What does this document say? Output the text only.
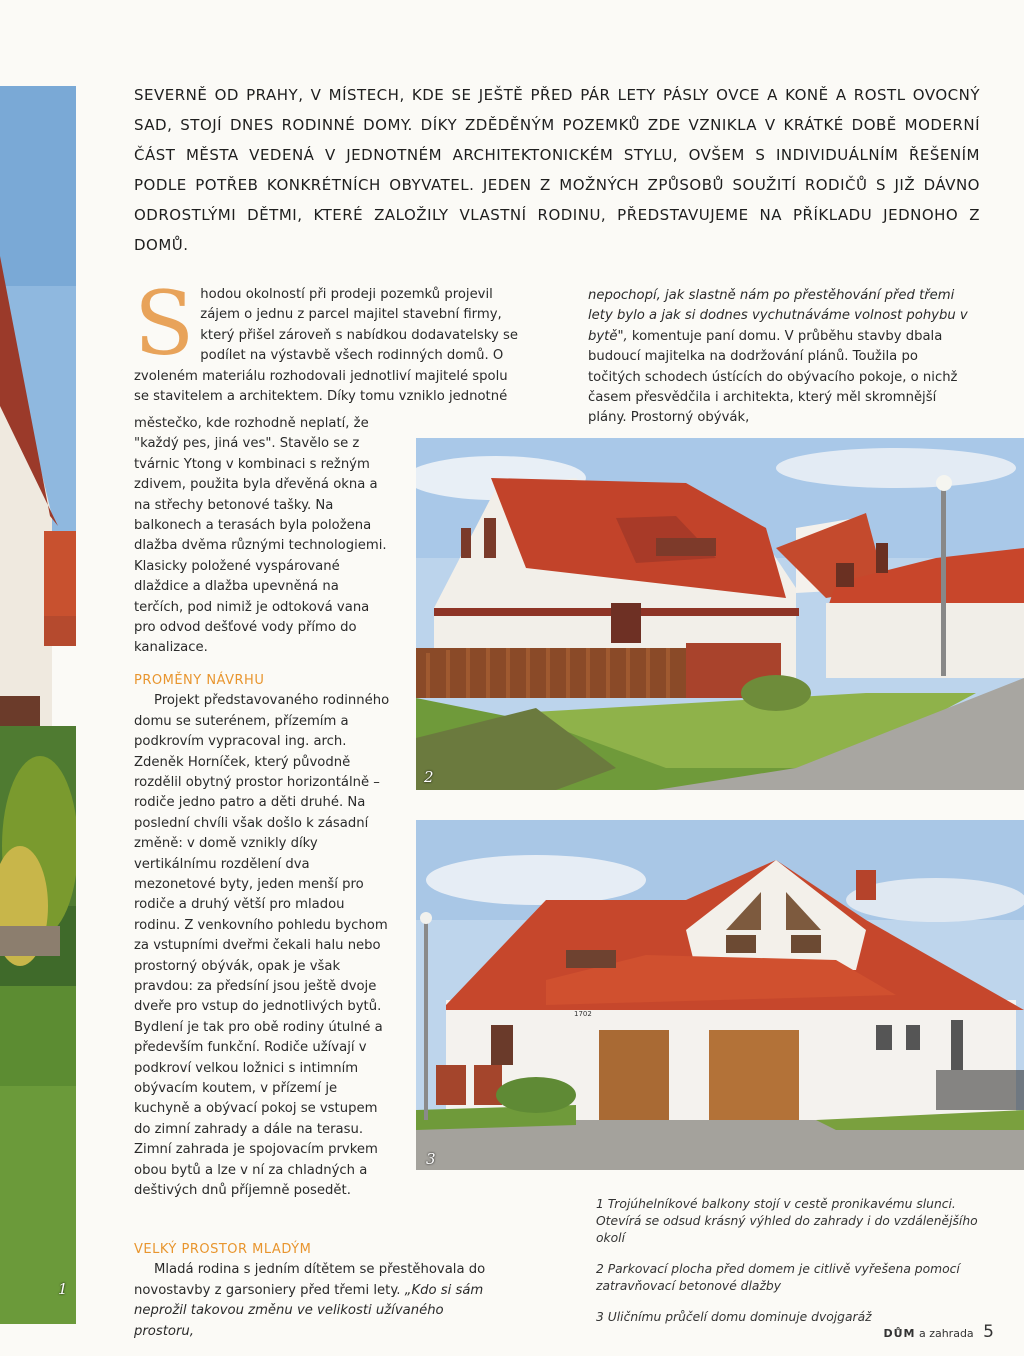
1
SEVERNĚ OD PRAHY, V MÍSTECH, KDE SE JEŠTĚ PŘED PÁR LETY PÁSLY OVCE A KONĚ A ROSTL OVOCNÝ SAD, STOJÍ DNES RODINNÉ DOMY. DÍKY ZDĚDĚNÝM POZEMKŮ ZDE VZNIKLA V KRÁTKÉ DOBĚ MODERNÍ ČÁST MĚSTA VEDENÁ V JEDNOTNÉM ARCHITEKTONICKÉM STYLU, OVŠEM S INDIVIDUÁLNÍM ŘEŠENÍM PODLE POTŘEB KONKRÉTNÍCH OBYVATEL. JEDEN Z MOŽNÝCH ZPŮSOBŮ SOUŽITÍ RODIČŮ S JIŽ DÁVNO ODROSTLÝMI DĚTMI, KTERÉ ZALOŽILY VLASTNÍ RODINU, PŘEDSTAVUJEME NA PŘÍKLADU JEDNOHO Z DOMŮ.

Shodou okolností při prodeji pozemků projevil zájem o jednu z parcel majitel stavební firmy, který přišel zároveň s nabídkou dodavatelsky se podílet na výstavbě všech rodinných domů. O zvoleném materiálu rozhodovali jednotliví majitelé spolu se stavitelem a architektem. Díky tomu vzniklo jednotné

městečko, kde rozhodně neplatí, že "každý pes, jiná ves". Stavělo se z tvárnic Ytong v kombinaci s režným zdivem, použita byla dřevěná okna a na střechy betonové tašky. Na balkonech a terasách byla položena dlažba dvěma různými technologiemi. Klasicky položené vyspárované dlaždice a dlažba upevněná na terčích, pod nimiž je odtoková vana pro odvod dešťové vody přímo do kanalizace.

PROMĚNY NÁVRHU

Projekt představovaného rodinného domu se suterénem, přízemím a podkrovím vypracoval ing. arch. Zdeněk Horníček, který původně rozdělil obytný prostor horizontálně – rodiče jedno patro a děti druhé. Na poslední chvíli však došlo k zásadní změně: v domě vznikly díky vertikálnímu rozdělení dva mezonetové byty, jeden menší pro rodiče a druhý větší pro mladou rodinu. Z venkovního pohledu bychom za vstupními dveřmi čekali halu nebo prostorný obývák, opak je však pravdou: za předsíní jsou ještě dvoje dveře pro vstup do jednotlivých bytů. Bydlení je tak pro obě rodiny útulné a především funkční. Rodiče užívají v podkroví velkou ložnici s intimním obývacím koutem, v přízemí je kuchyně a obývací pokoj se vstupem do zimní zahrady a dále na terasu. Zimní zahrada je spojovacím prvkem obou bytů a lze v ní za chladných a deštivých dnů příjemně posedět.

VELKÝ PROSTOR MLADÝM

Mladá rodina s jedním dítětem se přestěhovala do novostavby z garsoniery před třemi lety. „Kdo si sám neprožil takovou změnu ve velikosti užívaného prostoru,

nepochopí, jak slastně nám po přestěhování před třemi lety bylo a jak si dodnes vychutnáváme volnost pohybu v bytě", komentuje paní domu. V průběhu stavby dbala budoucí majitelka na dodržování plánů. Toužila po točitých schodech ústících do obývacího pokoje, o nichž časem přesvědčila i architekta, který měl skromnější plány. Prostorný obývák,

2
1702
3

1 Trojúhelníkové balkony stojí v cestě pronikavému slunci. Otevírá se odsud krásný výhled do zahrady i do vzdálenějšího okolí

2 Parkovací plocha před domem je citlivě vyřešena pomocí zatravňovací betonové dlažby

3 Uličnímu průčelí domu dominuje dvojgaráž

DŮM a zahrada 5
